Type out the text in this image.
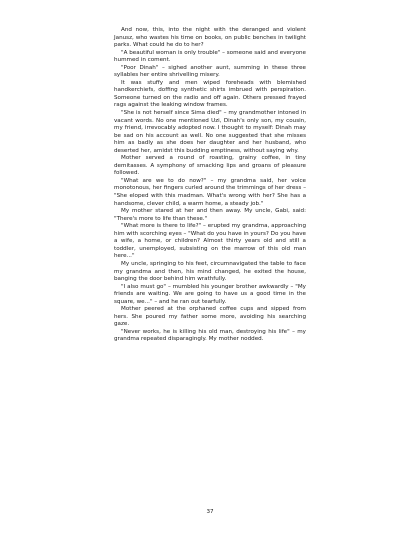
And now, this, into the night with the deranged and violent Janusz, who wastes his time on books, on public benches in twilight parks. What could he do to her?

"A beautiful woman is only trouble" – someone said and everyone hummed in coment.

"Poor Dinah" – sighed another aunt, summing in these three syllables her entire shrivelling misery.

It was stuffy and men wiped foreheads with blemished handkerchiefs, doffing synthetic shirts imbrued with perspiration. Someone turned on the radio and off again. Others pressed frayed rags against the leaking window frames.

"She is not herself since Sima died" – my grandmother intoned in vacant words. No one mentioned Uzi, Dinah's only son, my cousin, my friend, irrevocably adopted now. I thought to myself: Dinah may be sad on his account as well. No one suggested that she misses him as badly as she does her daughter and her husband, who deserted her, amidst this budding emptiness, without saying why.

Mother served a round of roasting, grainy coffee, in tiny demitasses. A symphony of smacking lips and groans of pleasure followed.

"What are we to do now?" – my grandma said, her voice monotonous, her fingers curled around the trimmings of her dress – "She eloped with this madman. What's wrong with her? She has a handsome, clever child, a warm home, a steady job."

My mother stared at her and then away. My uncle, Gabi, said: "There's more to life than these."

"What more is there to life?" – erupted my grandma, approaching him with scorching eyes – "What do you have in yours? Do you have a wife, a home, or children? Almost thirty years old and still a toddler, unemployed, subsisting on the marrow of this old man here..."

My uncle, springing to his feet, circumnavigated the table to face my grandma and then, his mind changed, he exited the house, banging the door behind him wrathfully.

"I also must go" – mumbled his younger brother awkwardly – "My friends are waiting. We are going to have us a good time in the square, we..." – and he ran out tearfully.

Mother peered at the orphaned coffee cups and sipped from hers. She poured my father some more, avoiding his searching gaze.

"Never works, he is killing his old man, destroying his life" – my grandma repeated disparagingly. My mother nodded.

37
